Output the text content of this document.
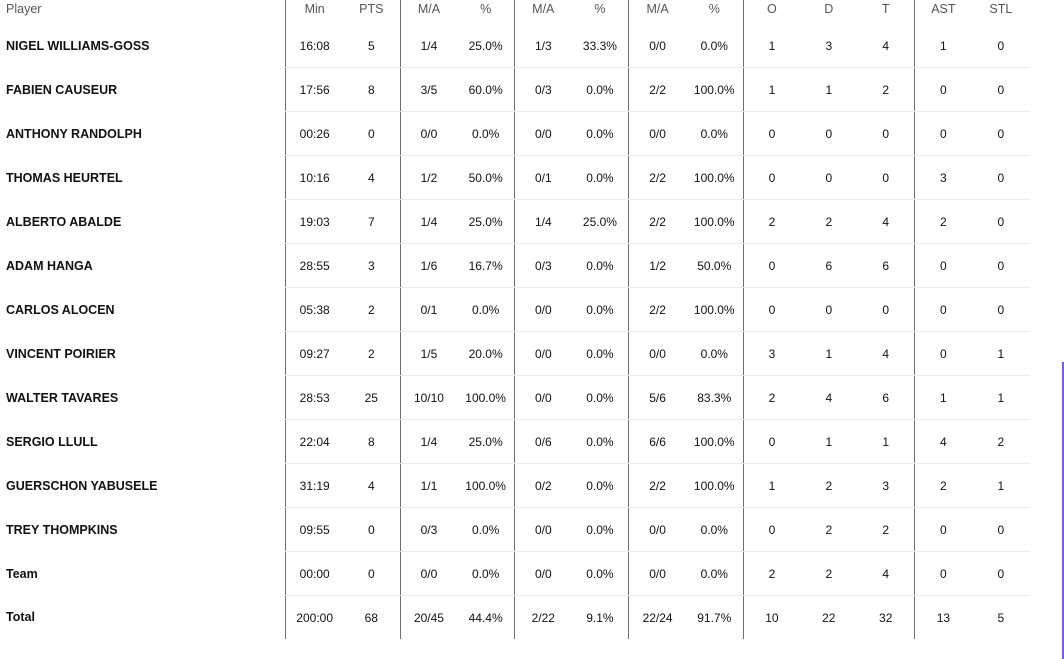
Player	Min	PTS	M/A	%	M/A	%	M/A	%	O	D	T	AST	STL
NIGEL WILLIAMS-GOSS	16:08	5	1/4	25.0%	1/3	33.3%	0/0	0.0%	1	3	4	1	0
FABIEN CAUSEUR	17:56	8	3/5	60.0%	0/3	0.0%	2/2	100.0%	1	1	2	0	0
ANTHONY RANDOLPH	00:26	0	0/0	0.0%	0/0	0.0%	0/0	0.0%	0	0	0	0	0
THOMAS HEURTEL	10:16	4	1/2	50.0%	0/1	0.0%	2/2	100.0%	0	0	0	3	0
ALBERTO ABALDE	19:03	7	1/4	25.0%	1/4	25.0%	2/2	100.0%	2	2	4	2	0
ADAM HANGA	28:55	3	1/6	16.7%	0/3	0.0%	1/2	50.0%	0	6	6	0	0
CARLOS ALOCEN	05:38	2	0/1	0.0%	0/0	0.0%	2/2	100.0%	0	0	0	0	0
VINCENT POIRIER	09:27	2	1/5	20.0%	0/0	0.0%	0/0	0.0%	3	1	4	0	1
WALTER TAVARES	28:53	25	10/10	100.0%	0/0	0.0%	5/6	83.3%	2	4	6	1	1
SERGIO LLULL	22:04	8	1/4	25.0%	0/6	0.0%	6/6	100.0%	0	1	1	4	2
GUERSCHON YABUSELE	31:19	4	1/1	100.0%	0/2	0.0%	2/2	100.0%	1	2	3	2	1
TREY THOMPKINS	09:55	0	0/3	0.0%	0/0	0.0%	0/0	0.0%	0	2	2	0	0
Team	00:00	0	0/0	0.0%	0/0	0.0%	0/0	0.0%	2	2	4	0	0
Total	200:00	68	20/45	44.4%	2/22	9.1%	22/24	91.7%	10	22	32	13	5
